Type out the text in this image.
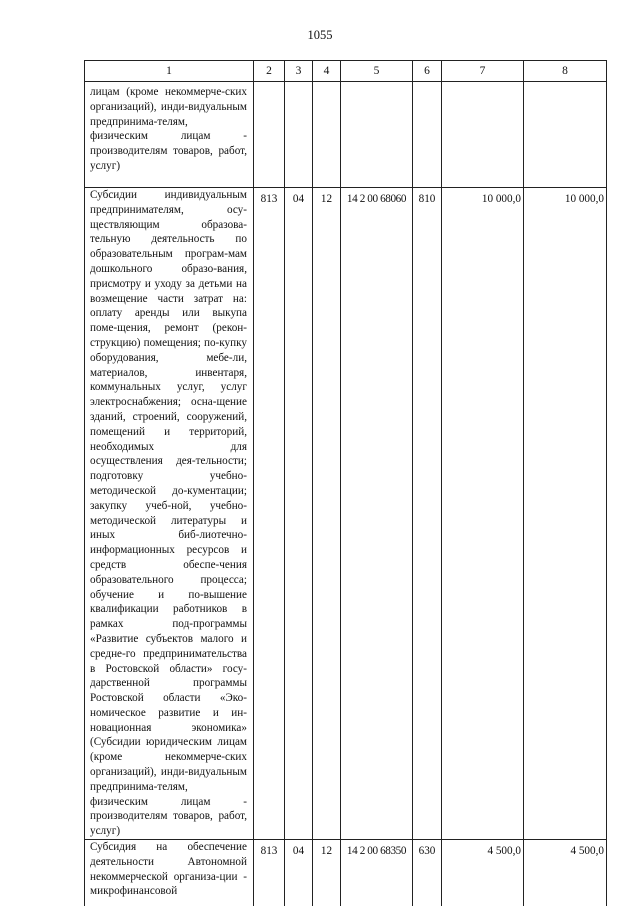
1055
1	2	3	4	5	6	7	8
лицам (кроме некоммерче-ских организаций), инди-видуальным предпринима-телям, физическим лицам - производителям товаров, работ, услуг)							
Субсидии индивидуальным предпринимателям, осу-ществляющим образова-тельную деятельность по образовательным програм-мам дошкольного образо-вания, присмотру и уходу за детьми на возмещение части затрат на: оплату аренды или выкупа поме-щения, ремонт (рекон-струкцию) помещения; по-купку оборудования, мебе-ли, материалов, инвентаря, коммунальных услуг, услуг электроснабжения; осна-щение зданий, строений, сооружений, помещений и территорий, необходимых для осуществления дея-тельности; подготовку учебно-методической до-кументации; закупку учеб-ной, учебно-методической литературы и иных биб-лиотечно-информационных ресурсов и средств обеспе-чения образовательного процесса; обучение и по-вышение квалификации работников в рамках под-программы «Развитие субъектов малого и средне-го предпринимательства в Ростовской области» госу-дарственной программы Ростовской области «Эко-номическое развитие и ин-новационная экономика» (Субсидии юридическим лицам (кроме некоммерче-ских организаций), инди-видуальным предпринима-телям, физическим лицам - производителям товаров, работ, услуг)	813	04	12	14 2 00 68060	810	10 000,0	10 000,0
Субсидия на обеспечение деятельности Автономной некоммерческой организа-ции - микрофинансовой	813	04	12	14 2 00 68350	630	4 500,0	4 500,0
